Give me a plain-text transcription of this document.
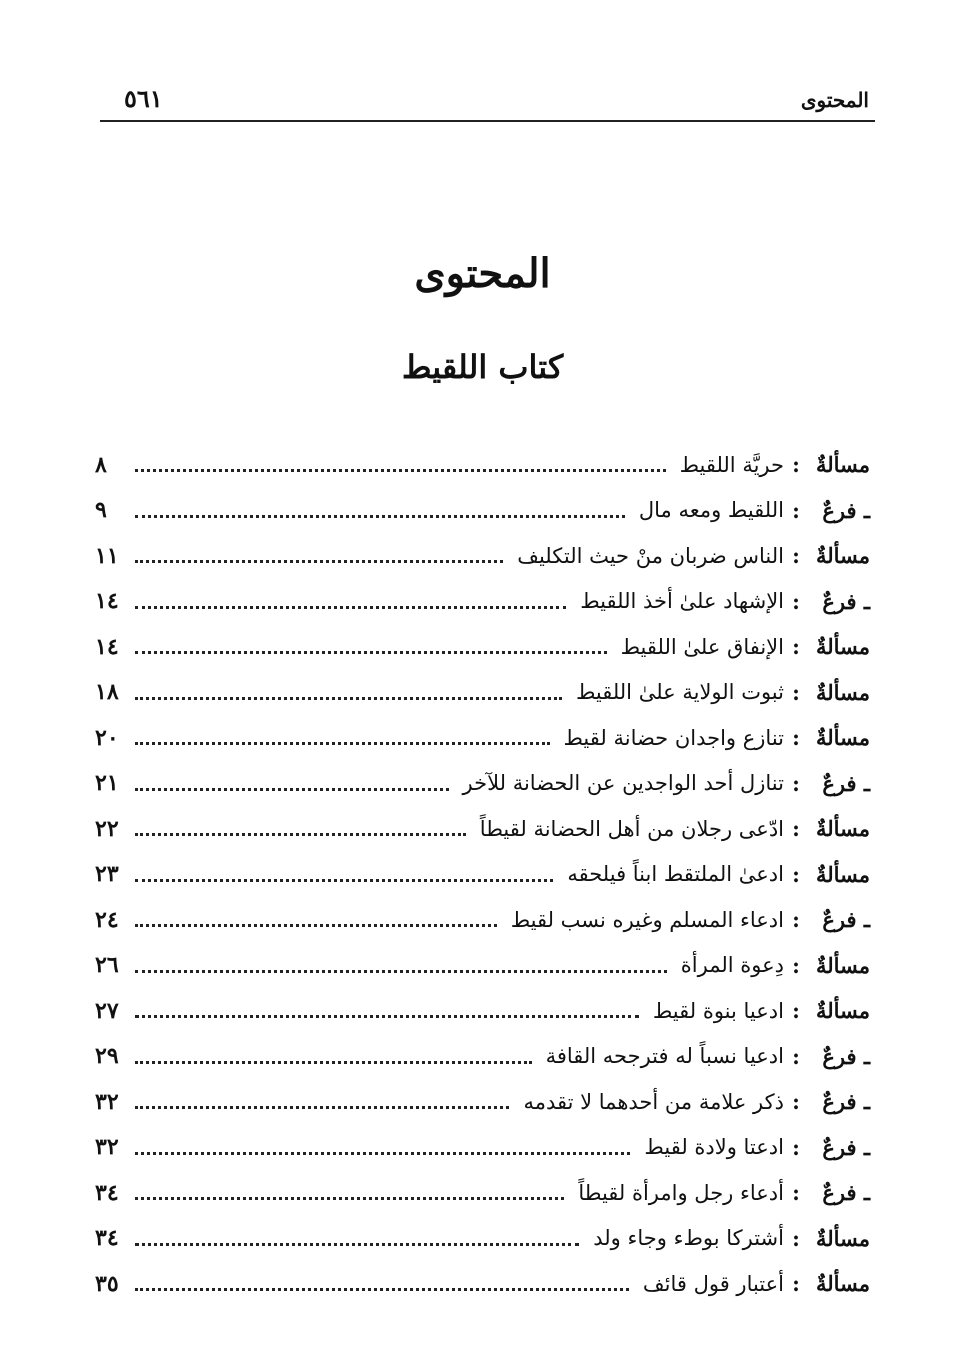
المحتوى
٥٦١
المحتوى
كتاب اللقيط
مسألةٌ
:
حريَّة اللقيط
٨
ـ فرعٌ
:
اللقيط ومعه مال
٩
مسألةٌ
:
الناس ضربان منْ حيث التكليف
١١
ـ فرعٌ
:
الإشهاد علىٰ أخذ اللقيط
١٤
مسألةٌ
:
الإنفاق علىٰ اللقيط
١٤
مسألةٌ
:
ثبوت الولاية علىٰ اللقيط
١٨
مسألةٌ
:
تنازع واجدان حضانة لقيط
٢٠
ـ فرعٌ
:
تنازل أحد الواجدين عن الحضانة للآخر
٢١
مسألةٌ
:
ادّعى رجلان من أهل الحضانة لقيطاً
٢٢
مسألةٌ
:
ادعىٰ الملتقط ابناً فيلحقه
٢٣
ـ فرعٌ
:
ادعاء المسلم وغيره نسب لقيط
٢٤
مسألةٌ
:
دِعوة المرأة
٢٦
مسألةٌ
:
ادعيا بنوة لقيط
٢٧
ـ فرعٌ
:
ادعيا نسباً له فترجحه القافة
٢٩
ـ فرعٌ
:
ذكر علامة من أحدهما لا تقدمه
٣٢
ـ فرعٌ
:
ادعتا ولادة لقيط
٣٢
ـ فرعٌ
:
أدعاء رجل وامرأة لقيطاً
٣٤
مسألةٌ
:
أشتركا بوطء وجاء ولد
٣٤
مسألةٌ
:
أعتبار قول قائف
٣٥
